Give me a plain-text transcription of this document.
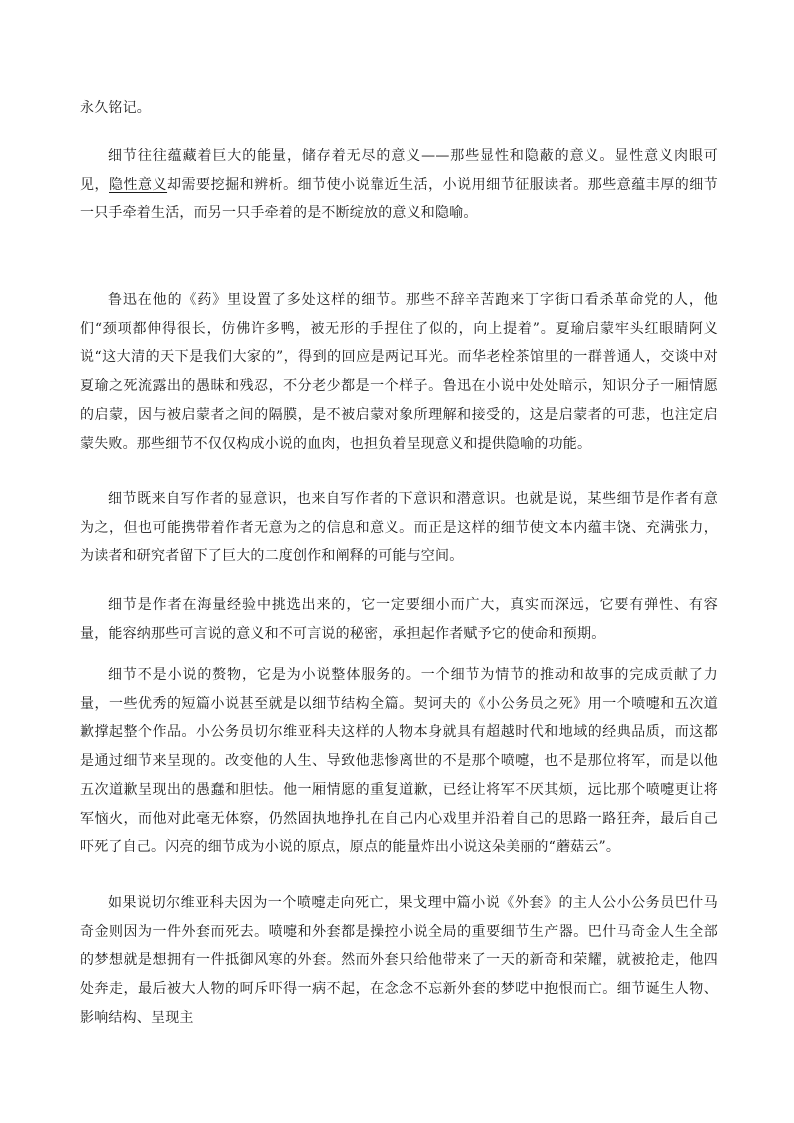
永久铭记。

细节往往蕴藏着巨大的能量，储存着无尽的意义——那些显性和隐蔽的意义。显性意义肉眼可见，隐性意义却需要挖掘和辨析。细节使小说靠近生活，小说用细节征服读者。那些意蕴丰厚的细节一只手牵着生活，而另一只手牵着的是不断绽放的意义和隐喻。

鲁迅在他的《药》里设置了多处这样的细节。那些不辞辛苦跑来丁字街口看杀革命党的人，他们“颈项都伸得很长，仿佛许多鸭，被无形的手捏住了似的，向上提着”。夏瑜启蒙牢头红眼睛阿义说“这大清的天下是我们大家的”，得到的回应是两记耳光。而华老栓茶馆里的一群普通人，交谈中对夏瑜之死流露出的愚昧和残忍，不分老少都是一个样子。鲁迅在小说中处处暗示，知识分子一厢情愿的启蒙，因与被启蒙者之间的隔膜，是不被启蒙对象所理解和接受的，这是启蒙者的可悲，也注定启蒙失败。那些细节不仅仅构成小说的血肉，也担负着呈现意义和提供隐喻的功能。

细节既来自写作者的显意识，也来自写作者的下意识和潜意识。也就是说，某些细节是作者有意为之，但也可能携带着作者无意为之的信息和意义。而正是这样的细节使文本内蕴丰饶、充满张力，为读者和研究者留下了巨大的二度创作和阐释的可能与空间。

细节是作者在海量经验中挑选出来的，它一定要细小而广大，真实而深远，它要有弹性、有容量，能容纳那些可言说的意义和不可言说的秘密，承担起作者赋予它的使命和预期。

细节不是小说的赘物，它是为小说整体服务的。一个细节为情节的推动和故事的完成贡献了力量，一些优秀的短篇小说甚至就是以细节结构全篇。契诃夫的《小公务员之死》用一个喷嚏和五次道歉撑起整个作品。小公务员切尔维亚科夫这样的人物本身就具有超越时代和地域的经典品质，而这都是通过细节来呈现的。改变他的人生、导致他悲惨离世的不是那个喷嚏，也不是那位将军，而是以他五次道歉呈现出的愚蠢和胆怯。他一厢情愿的重复道歉，已经让将军不厌其烦，远比那个喷嚏更让将军恼火，而他对此毫无体察，仍然固执地挣扎在自己内心戏里并沿着自己的思路一路狂奔，最后自己吓死了自己。闪亮的细节成为小说的原点，原点的能量炸出小说这朵美丽的“蘑菇云”。

如果说切尔维亚科夫因为一个喷嚏走向死亡，果戈理中篇小说《外套》的主人公小公务员巴什马奇金则因为一件外套而死去。喷嚏和外套都是操控小说全局的重要细节生产器。巴什马奇金人生全部的梦想就是想拥有一件抵御风寒的外套。然而外套只给他带来了一天的新奇和荣耀，就被抢走，他四处奔走，最后被大人物的呵斥吓得一病不起，在念念不忘新外套的梦呓中抱恨而亡。细节诞生人物、影响结构、呈现主
